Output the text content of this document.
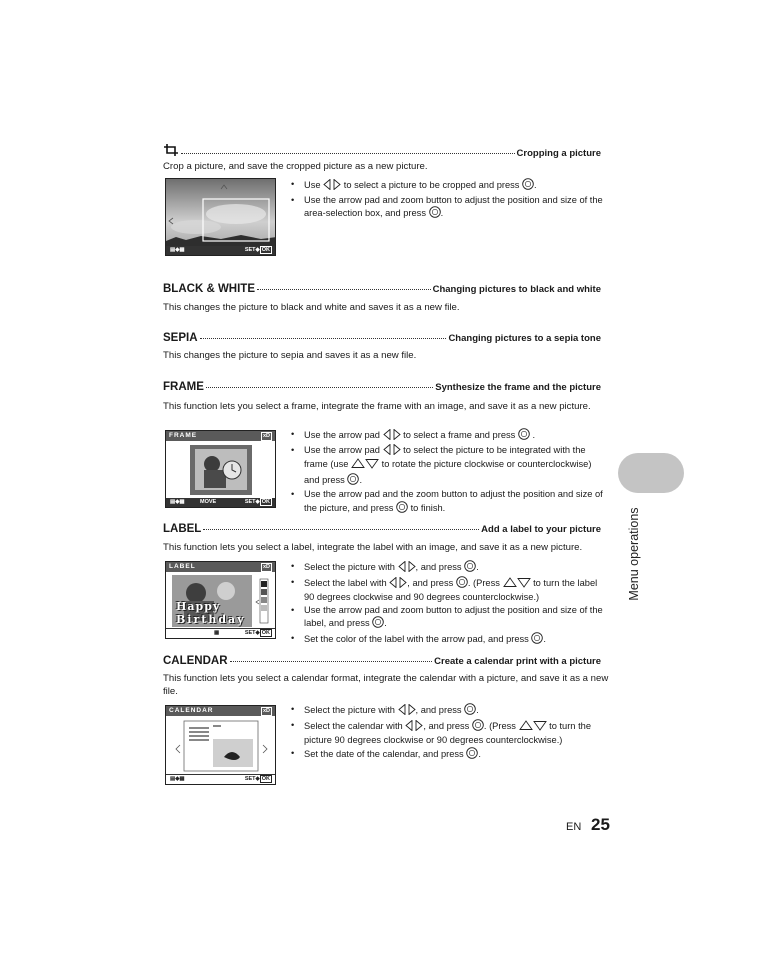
Cropping a picture
Crop a picture, and save the cropped picture as a new picture.
▤◆▦	SET◆ OK
• Use to select a picture to be cropped and press .
• Use the arrow pad and zoom button to adjust the position and size of the area-selection box, and press .
BLACK & WHITE	Changing pictures to black and white
This changes the picture to black and white and saves it as a new file.
SEPIA	Changing pictures to a sepia tone
This changes the picture to sepia and saves it as a new file.
FRAME	Synthesize the frame and the picture
This function lets you select a frame, integrate the frame with an image, and save it as a new picture.
FRAME	xD
▤◆▦	MOVE	SET◆ OK
• Use the arrow pad to select a frame and press .
• Use the arrow pad to select the picture to be integrated with the frame (use	to rotate the picture clockwise or counterclockwise) and press .
• Use the arrow pad and the zoom button to adjust the position and size of the picture, and press to finish.
LABEL	Add a label to your picture
This function lets you select a label, integrate the label with an image, and save it as a new picture.
LABEL	xD
Happy
Birthday
▦	SET◆ OK
• Select the picture with , and press .
• Select the label with , and press . (Press	to turn the label 90 degrees clockwise and 90 degrees counterclockwise.)
• Use the arrow pad and zoom button to adjust the position and size of the label, and press .
• Set the color of the label with the arrow pad, and press .
CALENDAR	Create a calendar print with a picture
This function lets you select a calendar format, integrate the calendar with a picture, and save it as a new file.
CALENDAR	xD
▤◆▦	SET◆ OK
• Select the picture with , and press .
• Select the calendar with , and press . (Press	to turn the picture 90 degrees clockwise or 90 degrees counterclockwise.)
• Set the date of the calendar, and press .
Menu operations
EN 25
